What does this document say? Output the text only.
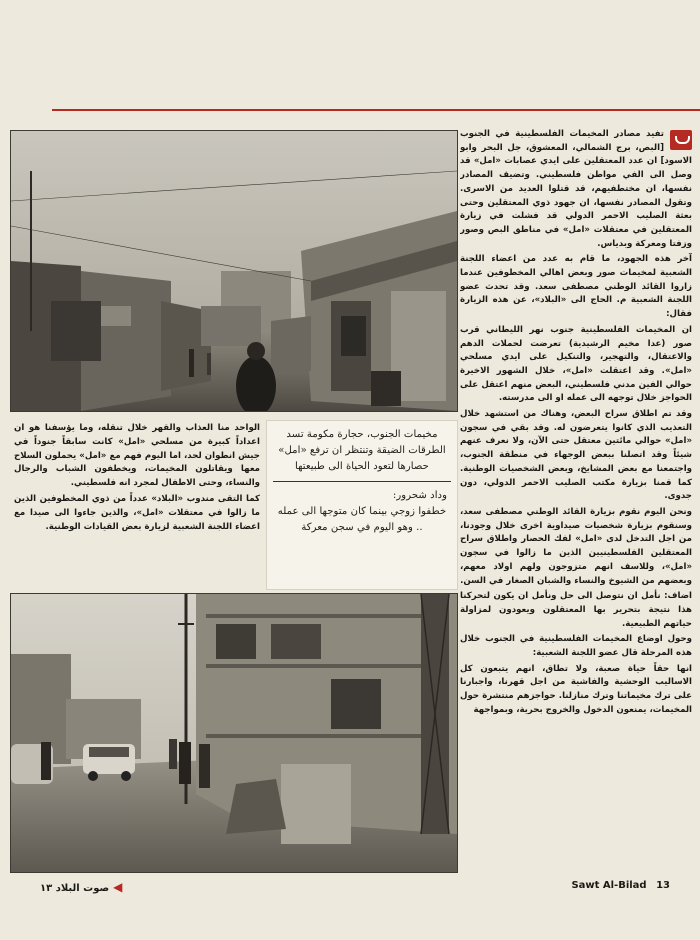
تفيد مصادر المخيمات الفلسطينية في الجنوب [البص، برج الشمالي، المعشوق، جل البحر وابو الاسود] ان عدد المعتقلين على ايدي عصابات «امل» قد وصل الى الفي مواطن فلسطيني. وتضيف المصادر نفسها، ان مختطفيهم، قد قتلوا العديد من الاسرى. وتقول المصادر نفسها، ان جهود ذوي المعتقلين وحتى بعثة الصليب الاحمر الدولي قد فشلت في زيارة المعتقلين في معتقلات «امل» في مناطق البص وصور وزفتا ومعركة وبدياس.

آخر هذه الجهود، ما قام به عدد من اعضاء اللجنة الشعبية لمخيمات صور وبعض اهالي المخطوفين عندما زاروا القائد الوطني مصطفى سعد. وقد تحدث عضو اللجنة الشعبية م. الحاج الى «البلاد»، عن هذه الزيارة فقال:

ان المخيمات الفلسطينية جنوب نهر الليطاني قرب صور (عدا مخيم الرشيدية) تعرضت لحملات الدهم والاعتقال، والتهجير، والتنكيل على ايدي مسلحي «امل». وقد اعتقلت «امل»، خلال الشهور الاخيرة حوالي الفين مدني فلسطيني، البعض منهم اعتقل على الحواجز خلال توجهه الى عمله او الى مدرسته.

وقد تم اطلاق سراح البعض، وهناك من استشهد خلال التعذيب الذي كانوا يتعرضون له. وقد بقي في سجون «امل» حوالي مائتين معتقل حتى الآن، ولا نعرف عنهم شيئاً وقد اتصلنا ببعض الوجهاء في منطقة الجنوب، واجتمعنا مع بعض المشايخ، وبعض الشخصيات الوطنية. كما قمنا بزيارة مكتب الصليب الاحمر الدولي، دون جدوى.

ونحن اليوم نقوم بزيارة القائد الوطني مصطفى سعد، وسنقوم بزيارة شخصيات صيداوية اخرى خلال وجودنا، من اجل التدخل لدى «امل» لفك الحصار واطلاق سراح المعتقلين الفلسطينيين الذين ما زالوا في سجون «امل»، وللاسف انهم متزوجون ولهم اولاد معهم، وبعضهم من الشيوخ والنساء والشبان الصغار في السن.

اضاف: نأمل ان نتوصل الى حل ونأمل ان يكون لتحركنا هذا نتيجة بتحرير بها المعتقلون ويعودون لمزاولة حياتهم الطبيعية.

وحول اوضاع المخيمات الفلسطينية في الجنوب خلال هذه المرحلة قال عضو اللجنة الشعبية:

انها حقاً حياة صعبة، ولا تطاق، انهم يتبعون كل الاساليب الوحشية والفاشية من اجل قهرنا، واجبارنا على ترك مخيماتنا وترك منازلنا. حواجزهم منتشرة حول المخيمات، يمنعون الدخول والخروج بحرية، وبمواجهة

مخيمات الجنوب، حجارة مكومة تسد الطرقات الضيقة وتنتظر ان ترفع «امل» حصارها لتعود الحياة الى طبيعتها
وداد شحرور:
خطفوا زوجي بينما كان متوجها الى عمله .. وهو اليوم في سجن معركة

الواحد منا العذاب والقهر خلال تنقله، وما يؤسفنا هو ان اعداداً كبيرة من مسلحي «امل» كانت سابقاً جنوداً في جيش انطوان لحد، اما اليوم فهم مع «امل» يحملون السلاح معها ويقاتلون المخيمات، ويخطفون الشباب والرجال والنساء، وحتى الاطفال لمجرد انه فلسطيني.

كما التقى مندوب «البلاد» عدداً من ذوي المخطوفين الذين ما زالوا في معتقلات «امل»، والذين جاءوا الى صيدا مع اعضاء اللجنة الشعبية لزيارة بعض القيادات الوطنية.

◀صوت البلاد ١٣	Sawt Al-Bilad 13
